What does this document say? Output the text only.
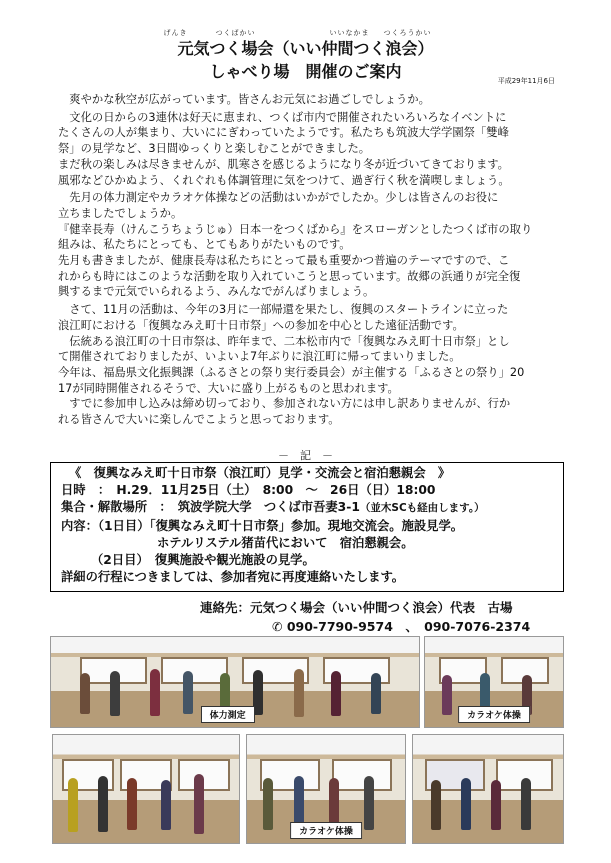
げんき	つくばかい	いいなかま つくろうかい
元気つく場会（いい仲間つく浪会）
しゃべり場　開催のご案内	平成29年11月6日

　爽やかな秋空が広がっています。皆さんお元気にお過ごしでしょうか。

　文化の日からの3連休は好天に恵まれ、つくば市内で開催されたいろいろなイベントに

たくさんの人が集まり、大いににぎわっていたようです。私たちも筑波大学学園祭「雙峰

祭」の見学など、3日間ゆっくりと楽しむことができました。

まだ秋の楽しみは尽きませんが、肌寒さを感じるようになり冬が近づいてきております。

風邪などひかぬよう、くれぐれも体調管理に気をつけて、過ぎ行く秋を満喫しましょう。

　先月の体力測定やカラオケ体操などの活動はいかがでしたか。少しは皆さんのお役に

立ちましたでしょうか。

『健幸長寿（けんこうちょうじゅ）日本一をつくばから』をスローガンとしたつくば市の取り

組みは、私たちにとっても、とてもありがたいものです。

先月も書きましたが、健康長寿は私たちにとって最も重要かつ普遍のテーマですので、こ

れからも時にはこのような活動を取り入れていこうと思っています。故郷の浜通りが完全復

興するまで元気でいられるよう、みんなでがんばりましょう。

　さて、11月の活動は、今年の3月に一部帰還を果たし、復興のスタートラインに立った

浪江町における「復興なみえ町十日市祭」への参加を中心とした遠征活動です。

　伝統ある浪江町の十日市祭は、昨年まで、二本松市内で「復興なみえ町十日市祭」とし

て開催されておりましたが、いよいよ7年ぶりに浪江町に帰ってまいりました。

今年は、福島県文化振興課（ふるさとの祭り実行委員会）が主催する「ふるさとの祭り」20

17が同時開催されるそうで、大いに盛り上がるものと思われます。

　すでに参加申し込みは締め切っており、参加されない方には申し訳ありませんが、行か

れる皆さんで大いに楽しんでこようと思っております。

－　記　－
《　復興なみえ町十日市祭（浪江町）見学・交流会と宿泊懇親会　》
日時　：　H.29．11月25日（土）　8:00　～　26日（日）18:00
集合・解散場所　：　筑波学院大学　つくば市吾妻3-1（並木SCも経由します。）
内容：（1日目）「復興なみえ町十日市祭」参加。現地交流会。施設見学。
ホテルリステル猪苗代において　宿泊懇親会。
（2日目）　復興施設や観光施設の見学。
詳細の行程につきましては、参加者宛に再度連絡いたします。
連絡先：元気つく場会（いい仲間つく浪会）代表　古場
✆ 090-7790-9574　、　090-7076-2374
体力測定	カラオケ体操
カラオケ体操
